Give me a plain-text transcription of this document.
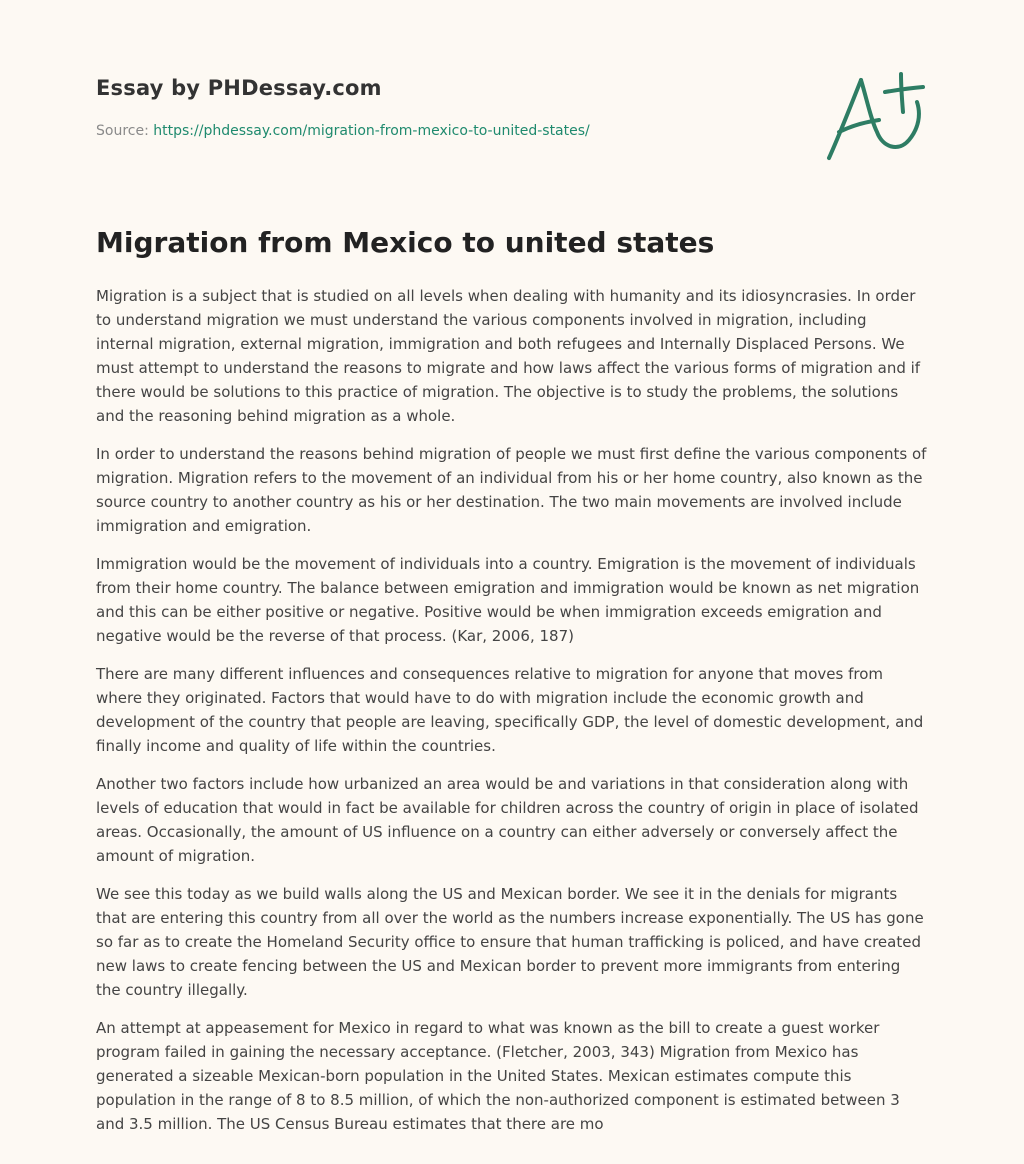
Essay by PHDessay.com
Source: https://phdessay.com/migration-from-mexico-to-united-states/
Migration from Mexico to united states

Migration is a subject that is studied on all levels when dealing with humanity and its idiosyncrasies. In order to understand migration we must understand the various components involved in migration, including internal migration, external migration, immigration and both refugees and Internally Displaced Persons. We must attempt to understand the reasons to migrate and how laws affect the various forms of migration and if there would be solutions to this practice of migration. The objective is to study the problems, the solutions and the reasoning behind migration as a whole.

In order to understand the reasons behind migration of people we must first define the various components of migration. Migration refers to the movement of an individual from his or her home country, also known as the source country to another country as his or her destination. The two main movements are involved include immigration and emigration.

Immigration would be the movement of individuals into a country. Emigration is the movement of individuals from their home country. The balance between emigration and immigration would be known as net migration and this can be either positive or negative. Positive would be when immigration exceeds emigration and negative would be the reverse of that process. (Kar, 2006, 187)

There are many different influences and consequences relative to migration for anyone that moves from where they originated. Factors that would have to do with migration include the economic growth and development of the country that people are leaving, specifically GDP, the level of domestic development, and finally income and quality of life within the countries.

Another two factors include how urbanized an area would be and variations in that consideration along with levels of education that would in fact be available for children across the country of origin in place of isolated areas. Occasionally, the amount of US influence on a country can either adversely or conversely affect the amount of migration.

We see this today as we build walls along the US and Mexican border. We see it in the denials for migrants that are entering this country from all over the world as the numbers increase exponentially. The US has gone so far as to create the Homeland Security office to ensure that human trafficking is policed, and have created new laws to create fencing between the US and Mexican border to prevent more immigrants from entering the country illegally.

An attempt at appeasement for Mexico in regard to what was known as the bill to create a guest worker program failed in gaining the necessary acceptance. (Fletcher, 2003, 343) Migration from Mexico has generated a sizeable Mexican-born population in the United States. Mexican estimates compute this population in the range of 8 to 8.5 million, of which the non-authorized component is estimated between 3 and 3.5 million. The US Census Bureau estimates that there are mo
